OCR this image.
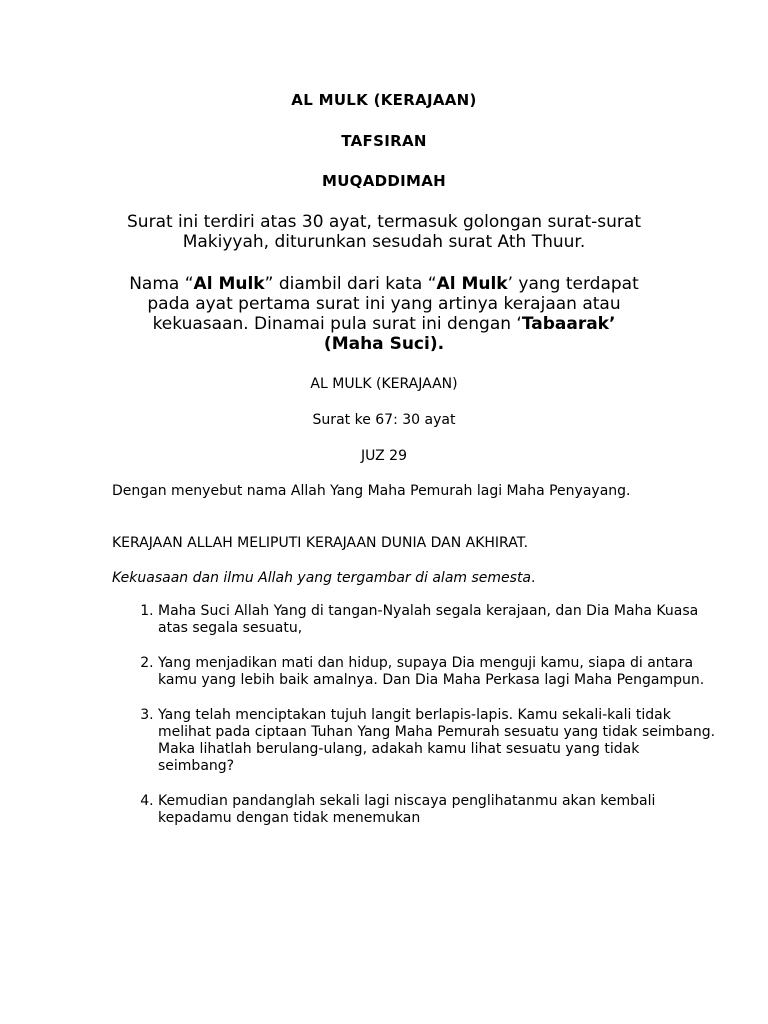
AL MULK (KERAJAAN)
TAFSIRAN
MUQADDIMAH
Surat ini terdiri atas 30 ayat, termasuk golongan surat-surat
Makiyyah, diturunkan sesudah surat Ath Thuur.
Nama “Al Mulk” diambil dari kata “Al Mulk’ yang terdapat
pada ayat pertama surat ini yang artinya kerajaan atau
kekuasaan. Dinamai pula surat ini dengan ‘Tabaarak’
(Maha Suci).
AL MULK (KERAJAAN)
Surat ke 67: 30 ayat
JUZ 29
Dengan menyebut nama Allah Yang Maha Pemurah lagi Maha Penyayang.
KERAJAAN ALLAH MELIPUTI KERAJAAN DUNIA DAN AKHIRAT.
Kekuasaan dan ilmu Allah yang tergambar di alam semesta.
1. Maha Suci Allah Yang di tangan-Nyalah segala kerajaan, dan Dia Maha Kuasa atas segala sesuatu,
2. Yang menjadikan mati dan hidup, supaya Dia menguji kamu, siapa di antara kamu yang lebih baik amalnya. Dan Dia Maha Perkasa lagi Maha Pengampun.
3. Yang telah menciptakan tujuh langit berlapis-lapis. Kamu sekali-kali tidak melihat pada ciptaan Tuhan Yang Maha Pemurah sesuatu yang tidak seimbang. Maka lihatlah berulang-ulang, adakah kamu lihat sesuatu yang tidak seimbang?
4. Kemudian pandanglah sekali lagi niscaya penglihatanmu akan kembali kepadamu dengan tidak menemukan
